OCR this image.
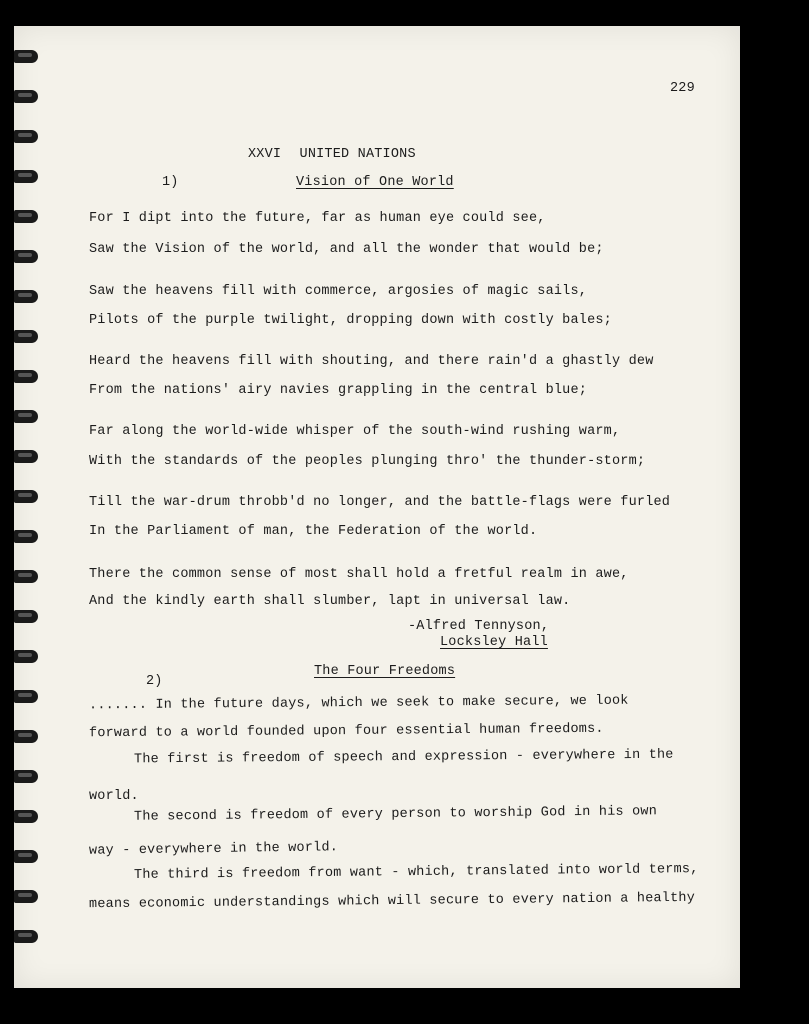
229
XXVI UNITED NATIONS
1)	Vision of One World
For I dipt into the future, far as human eye could see,
Saw the Vision of the world, and all the wonder that would be;
Saw the heavens fill with commerce, argosies of magic sails,
Pilots of the purple twilight, dropping down with costly bales;
Heard the heavens fill with shouting, and there rain'd a ghastly dew
From the nations' airy navies grappling in the central blue;
Far along the world-wide whisper of the south-wind rushing warm,
With the standards of the peoples plunging thro' the thunder-storm;
Till the war-drum throbb'd no longer, and the battle-flags were furled
In the Parliament of man, the Federation of the world.
There the common sense of most shall hold a fretful realm in awe,
And the kindly earth shall slumber, lapt in universal law.
-Alfred Tennyson,
Locksley Hall
2)
The Four Freedoms
....... In the future days, which we seek to make secure, we look
forward to a world founded upon four essential human freedoms.
The first is freedom of speech and expression - everywhere in the
world.
The second is freedom of every person to worship God in his own
way - everywhere in the world.
The third is freedom from want - which, translated into world terms,
means economic understandings which will secure to every nation a healthy
